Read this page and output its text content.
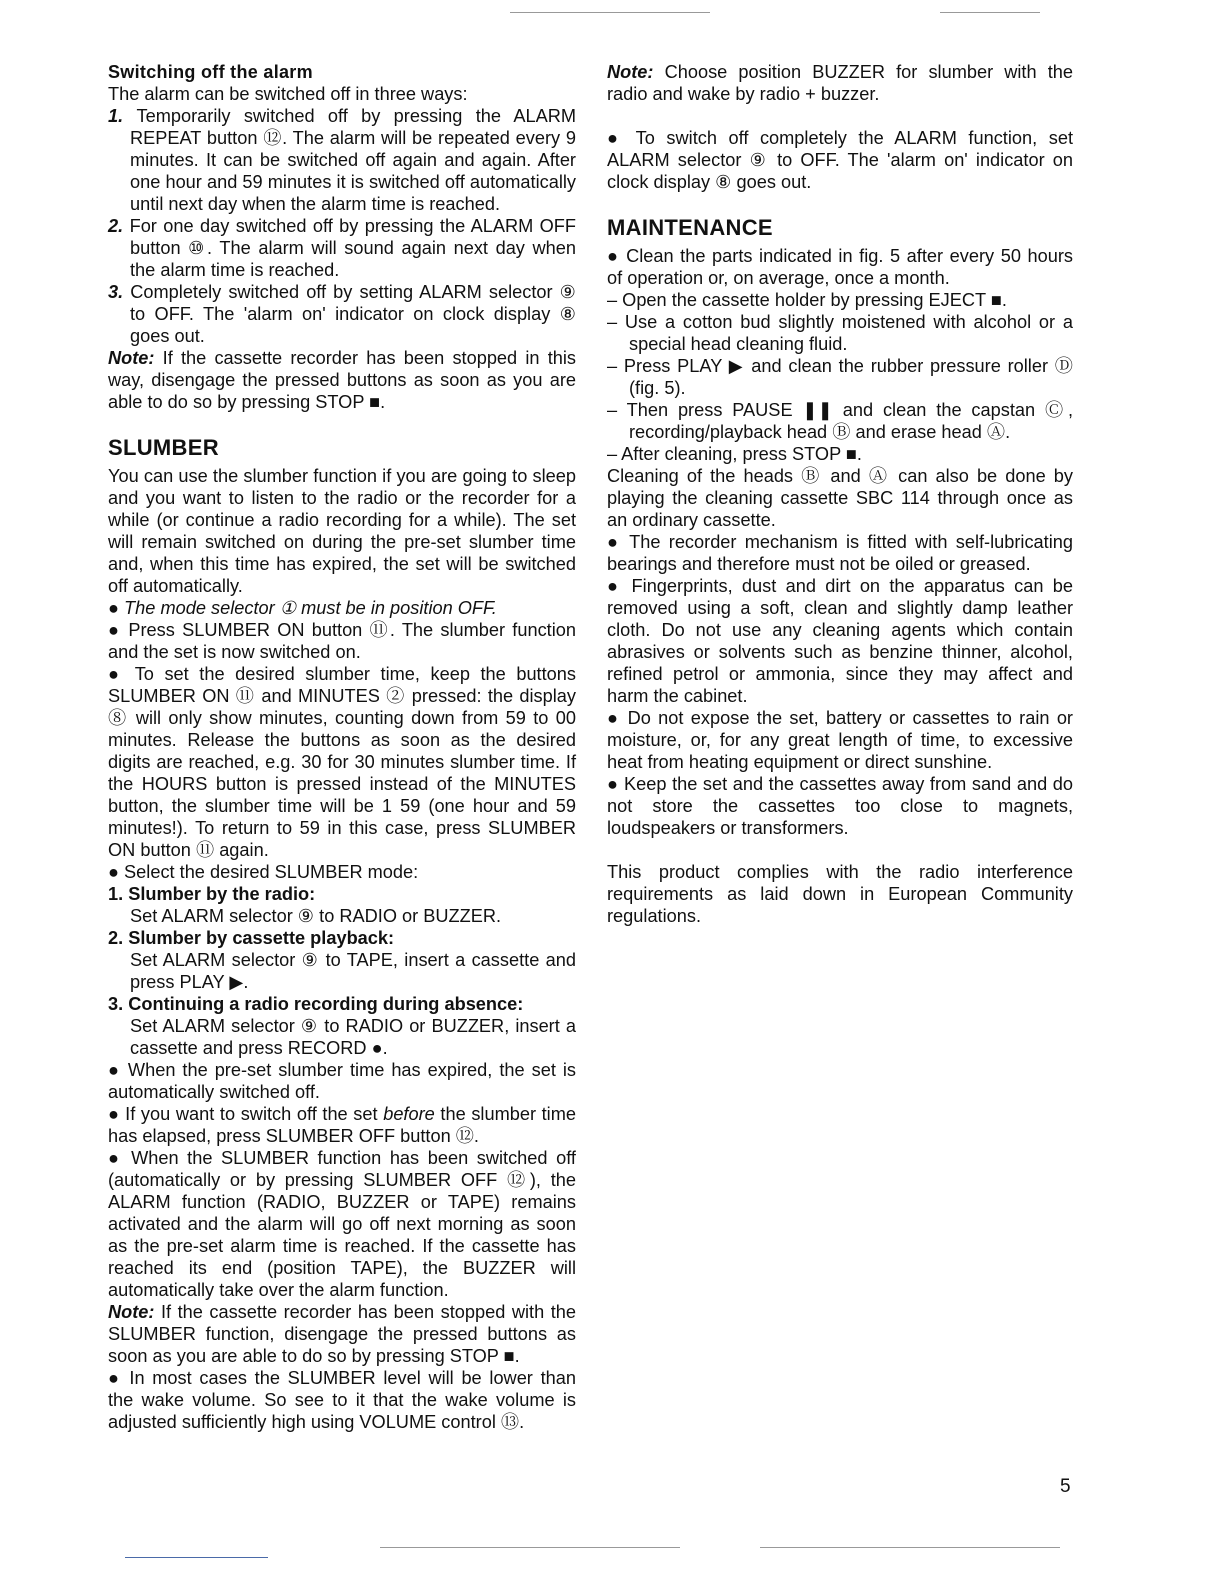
Switching off the alarm

The alarm can be switched off in three ways:

1. Temporarily switched off by pressing the ALARM REPEAT button ⑫. The alarm will be repeated every 9 minutes. It can be switched off again and again. After one hour and 59 minutes it is switched off automatically until next day when the alarm time is reached.

2. For one day switched off by pressing the ALARM OFF button ⑩. The alarm will sound again next day when the alarm time is reached.

3. Completely switched off by setting ALARM selector ⑨ to OFF. The 'alarm on' indicator on clock display ⑧ goes out.

Note: If the cassette recorder has been stopped in this way, disengage the pressed buttons as soon as you are able to do so by pressing STOP ■.

SLUMBER

You can use the slumber function if you are going to sleep and you want to listen to the radio or the recorder for a while (or continue a radio recording for a while). The set will remain switched on during the pre-set slumber time and, when this time has expired, the set will be switched off automatically.

● The mode selector ① must be in position OFF.

● Press SLUMBER ON button ⑪. The slumber function and the set is now switched on.

● To set the desired slumber time, keep the buttons SLUMBER ON ⑪ and MINUTES ② pressed: the display ⑧ will only show minutes, counting down from 59 to 00 minutes. Release the buttons as soon as the desired digits are reached, e.g. 30 for 30 minutes slumber time. If the HOURS button is pressed instead of the MINUTES button, the slumber time will be 1 59 (one hour and 59 minutes!). To return to 59 in this case, press SLUMBER ON button ⑪ again.

● Select the desired SLUMBER mode:

1. Slumber by the radio:

Set ALARM selector ⑨ to RADIO or BUZZER.

2. Slumber by cassette playback:

Set ALARM selector ⑨ to TAPE, insert a cassette and press PLAY ▶.

3. Continuing a radio recording during absence:

Set ALARM selector ⑨ to RADIO or BUZZER, insert a cassette and press RECORD ●.

● When the pre-set slumber time has expired, the set is automatically switched off.

● If you want to switch off the set before the slumber time has elapsed, press SLUMBER OFF button ⑫.

● When the SLUMBER function has been switched off (automatically or by pressing SLUMBER OFF ⑫), the ALARM function (RADIO, BUZZER or TAPE) remains activated and the alarm will go off next morning as soon as the pre-set alarm time is reached. If the cassette has reached its end (position TAPE), the BUZZER will automatically take over the alarm function.

Note: If the cassette recorder has been stopped with the SLUMBER function, disengage the pressed buttons as soon as you are able to do so by pressing STOP ■.

● In most cases the SLUMBER level will be lower than the wake volume. So see to it that the wake volume is adjusted sufficiently high using VOLUME control ⑬.

Note: Choose position BUZZER for slumber with the radio and wake by radio + buzzer.

● To switch off completely the ALARM function, set ALARM selector ⑨ to OFF. The 'alarm on' indicator on clock display ⑧ goes out.

MAINTENANCE

● Clean the parts indicated in fig. 5 after every 50 hours of operation or, on average, once a month.

– Open the cassette holder by pressing EJECT ■.

– Use a cotton bud slightly moistened with alcohol or a special head cleaning fluid.

– Press PLAY ▶ and clean the rubber pressure roller Ⓓ (fig. 5).

– Then press PAUSE ❚❚ and clean the capstan Ⓒ, recording/playback head Ⓑ and erase head Ⓐ.

– After cleaning, press STOP ■.

Cleaning of the heads Ⓑ and Ⓐ can also be done by playing the cleaning cassette SBC 114 through once as an ordinary cassette.

● The recorder mechanism is fitted with self-lubricating bearings and therefore must not be oiled or greased.

● Fingerprints, dust and dirt on the apparatus can be removed using a soft, clean and slightly damp leather cloth. Do not use any cleaning agents which contain abrasives or solvents such as benzine thinner, alcohol, refined petrol or ammonia, since they may affect and harm the cabinet.

● Do not expose the set, battery or cassettes to rain or moisture, or, for any great length of time, to excessive heat from heating equipment or direct sunshine.

● Keep the set and the cassettes away from sand and do not store the cassettes too close to magnets, loudspeakers or transformers.

This product complies with the radio interference requirements as laid down in European Community regulations.

5
